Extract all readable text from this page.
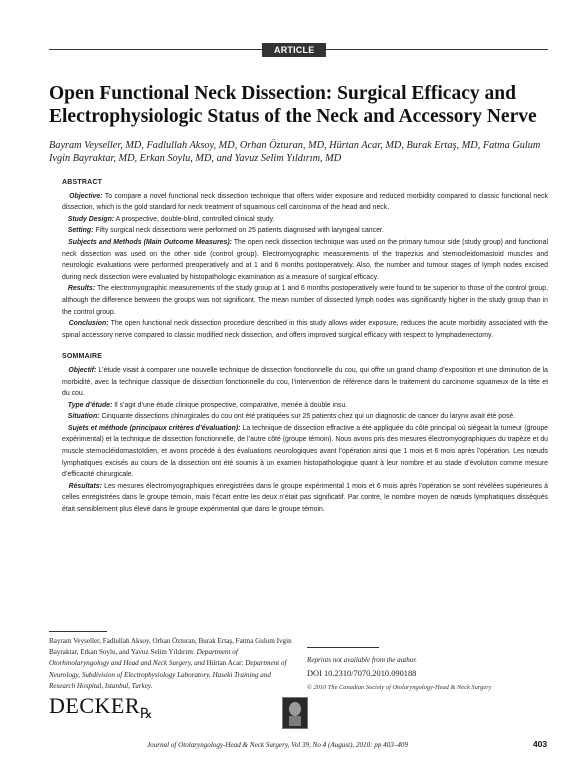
ARTICLE
Open Functional Neck Dissection: Surgical Efficacy and Electrophysiologic Status of the Neck and Accessory Nerve
Bayram Veyseller, MD, Fadlullah Aksoy, MD, Orhan Özturan, MD, Hürtan Acar, MD, Burak Ertaş, MD, Fatma Gulum Ivgin Bayraktar, MD, Erkan Soylu, MD, and Yavuz Selim Yıldırım, MD
ABSTRACT

Objective: To compare a novel functional neck dissection technique that offers wider exposure and reduced morbidity compared to classic functional neck dissection, which is the gold standard for neck treatment of squamous cell carcinoma of the head and neck.

Study Design: A prospective, double-blind, controlled clinical study.

Setting: Fifty surgical neck dissections were performed on 25 patients diagnosed with laryngeal cancer.

Subjects and Methods (Main Outcome Measures): The open neck dissection technique was used on the primary tumour side (study group) and functional neck dissection was used on the other side (control group). Electromyographic measurements of the trapezius and sternocleidomastoid muscles and neurologic evaluations were performed preoperatively and at 1 and 6 months postoperatively. Also, the number and tumour stages of lymph nodes excised during neck dissection were evaluated by histopathologic examination as a measure of surgical efficacy.

Results: The electromyographic measurements of the study group at 1 and 6 months postoperatively were found to be superior to those of the control group, although the difference between the groups was not significant. The mean number of dissected lymph nodes was significantly higher in the study group than in the control group.

Conclusion: The open functional neck dissection procedure described in this study allows wider exposure, reduces the acute morbidity associated with the spinal accessory nerve compared to classic modified neck dissection, and offers improved surgical efficacy with respect to lymphadenectomy.

SOMMAIRE

Objectif: L’étude visait à comparer une nouvelle technique de dissection fonctionnelle du cou, qui offre un grand champ d’exposition et une diminution de la morbidité, avec la technique classique de dissection fonctionnelle du cou, l’intervention de référence dans le traitement du carcinome squameux de la tête et du cou.

Type d’étude: Il s’agit d’une étude clinique prospective, comparative, menée à double insu.

Situation: Cinquante dissections chirurgicales du cou ont été pratiquées sur 25 patients chez qui un diagnostic de cancer du larynx avait été posé.

Sujets et méthode (principaux critères d’évaluation): La technique de dissection effractive a été appliquée du côté principal où siégeait la tumeur (groupe expérimental) et la technique de dissection fonctionnelle, de l’autre côté (groupe témoin). Nous avons pris des mesures électromyographiques du trapèze et du muscle sternocléidomastoïdien, et avons procédé à des évaluations neurologiques avant l’opération ainsi que 1 mois et 6 mois après l’opération. Les nœuds lymphatiques excisés au cours de la dissection ont été soumis à un examen histopathologique quant à leur nombre et au stade d’évolution comme mesure d’efficacité chirurgicale.

Résultats: Les mesures électromyographiques enregistrées dans le groupe expérimental 1 mois et 6 mois après l’opération se sont révélées supérieures à celles enregistrées dans le groupe témoin, mais l’écart entre les deux n’était pas significatif. Par contre, le nombre moyen de nœuds lymphatiques disséqués était sensiblement plus élevé dans le groupe expérimental que dans le groupe témoin.

Bayram Veyseller, Fadlullah Aksoy, Orhan Özturan, Burak Ertaş, Fatma Gulum Ivgin Bayraktar, Erkan Soylu, and Yavuz Selim Yıldırım: Department of Otorhinolaryngology and Head and Neck Surgery, and Hürtan Acar: Department of Neurology, Subdivision of Electrophysiology Laboratory, Haseki Training and Research Hospital, Istanbul, Turkey.
Reprints not available from the author.
DOI 10.2310/7070.2010.090188
© 2010 The Canadian Society of Otolaryngology-Head & Neck Surgery
$DECKER_℞$
Journal of Otolaryngology-Head & Neck Surgery, Vol 39, No 4 (August), 2010: pp 403–409	403
